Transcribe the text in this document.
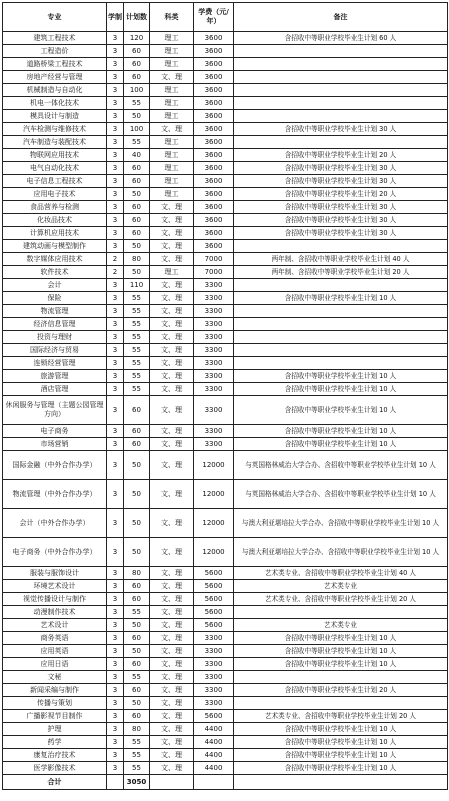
专业	学制	计划数	科类	学费（元/年）	备注
建筑工程技术	3	120	理工	3600	含招收中等职业学校毕业生计划 60 人
工程造价	3	60	理工	3600	
道路桥梁工程技术	3	60	理工	3600	
房地产经营与管理	3	60	文、理	3600	
机械制造与自动化	3	100	理工	3600	
机电一体化技术	3	55	理工	3600	
模具设计与制造	3	50	理工	3600	
汽车检测与维修技术	3	100	文、理	3600	含招收中等职业学校毕业生计划 30 人
汽车制造与装配技术	3	55	理工	3600	
物联网应用技术	3	40	理工	3600	含招收中等职业学校毕业生计划 20 人
电气自动化技术	3	60	理工	3600	含招收中等职业学校毕业生计划 30 人
电子信息工程技术	3	60	理工	3600	含招收中等职业学校毕业生计划 30 人
应用电子技术	3	50	理工	3600	含招收中等职业学校毕业生计划 20 人
食品营养与检测	3	60	文、理	3600	含招收中等职业学校毕业生计划 30 人
化妆品技术	3	60	文、理	3600	含招收中等职业学校毕业生计划 30 人
计算机应用技术	3	60	文、理	3600	含招收中等职业学校毕业生计划 30 人
建筑动画与模型制作	3	50	文、理	3600	
数字媒体应用技术	2	80	文、理	7000	两年制、含招收中等职业学校毕业生计划 40 人
软件技术	2	50	理工	7000	两年制、含招收中等职业学校毕业生计划 20 人
会计	3	110	文、理	3300	
保险	3	55	文、理	3300	含招收中等职业学校毕业生计划 10 人
物流管理	3	55	文、理	3300	
经济信息管理	3	55	文、理	3300	
投资与理财	3	55	文、理	3300	
国际经济与贸易	3	55	文、理	3300	
连锁经营管理	3	55	文、理	3300	
旅游管理	3	55	文、理	3300	含招收中等职业学校毕业生计划 10 人
酒店管理	3	55	文、理	3300	含招收中等职业学校毕业生计划 10 人
休闲服务与管理（主题公园管理方向）	3	60	文、理	3300	含招收中等职业学校毕业生计划 10 人
电子商务	3	60	文、理	3300	含招收中等职业学校毕业生计划 10 人
市场营销	3	60	文、理	3300	含招收中等职业学校毕业生计划 10 人
国际金融（中外合作办学）	3	50	文、理	12000	与英国格林威治大学合办、含招收中等职业学校毕业生计划 10 人
物流管理（中外合作办学）	3	50	文、理	12000	与英国格林威治大学合办、含招收中等职业学校毕业生计划 10 人
会计（中外合作办学）	3	50	文、理	12000	与澳大利亚堪培拉大学合办、含招收中等职业学校毕业生计划 10 人
电子商务（中外合作办学）	3	50	文、理	12000	与澳大利亚堪培拉大学合办、含招收中等职业学校毕业生计划 10 人
服装与服饰设计	3	80	文、理	5600	艺术类专业、含招收中等职业学校毕业生计划 40 人
环境艺术设计	3	60	文、理	5600	艺术类专业
视觉传播设计与制作	3	60	文、理	5600	艺术类专业、含招收中等职业学校毕业生计划 20 人
动漫制作技术	3	55	文、理	5600	
艺术设计	3	50	文、理	5600	艺术类专业
商务英语	3	60	文、理	3300	含招收中等职业学校毕业生计划 10 人
应用英语	3	50	文、理	3300	含招收中等职业学校毕业生计划 10 人
应用日语	3	60	文、理	3300	含招收中等职业学校毕业生计划 10 人
文秘	3	55	文、理	3300	
新闻采编与制作	3	60	文、理	3300	含招收中等职业学校毕业生计划 20 人
传播与策划	3	50	文、理	3300	
广播影视节目制作	3	60	文、理	5600	艺术类专业、含招收中等职业学校毕业生计划 20 人
护理	3	80	文、理	4400	含招收中等职业学校毕业生计划 10 人
药学	3	55	文、理	4400	含招收中等职业学校毕业生计划 10 人
康复治疗技术	3	55	文、理	4400	含招收中等职业学校毕业生计划 10 人
医学影像技术	3	55	文、理	4400	含招收中等职业学校毕业生计划 10 人
合计		3050			
